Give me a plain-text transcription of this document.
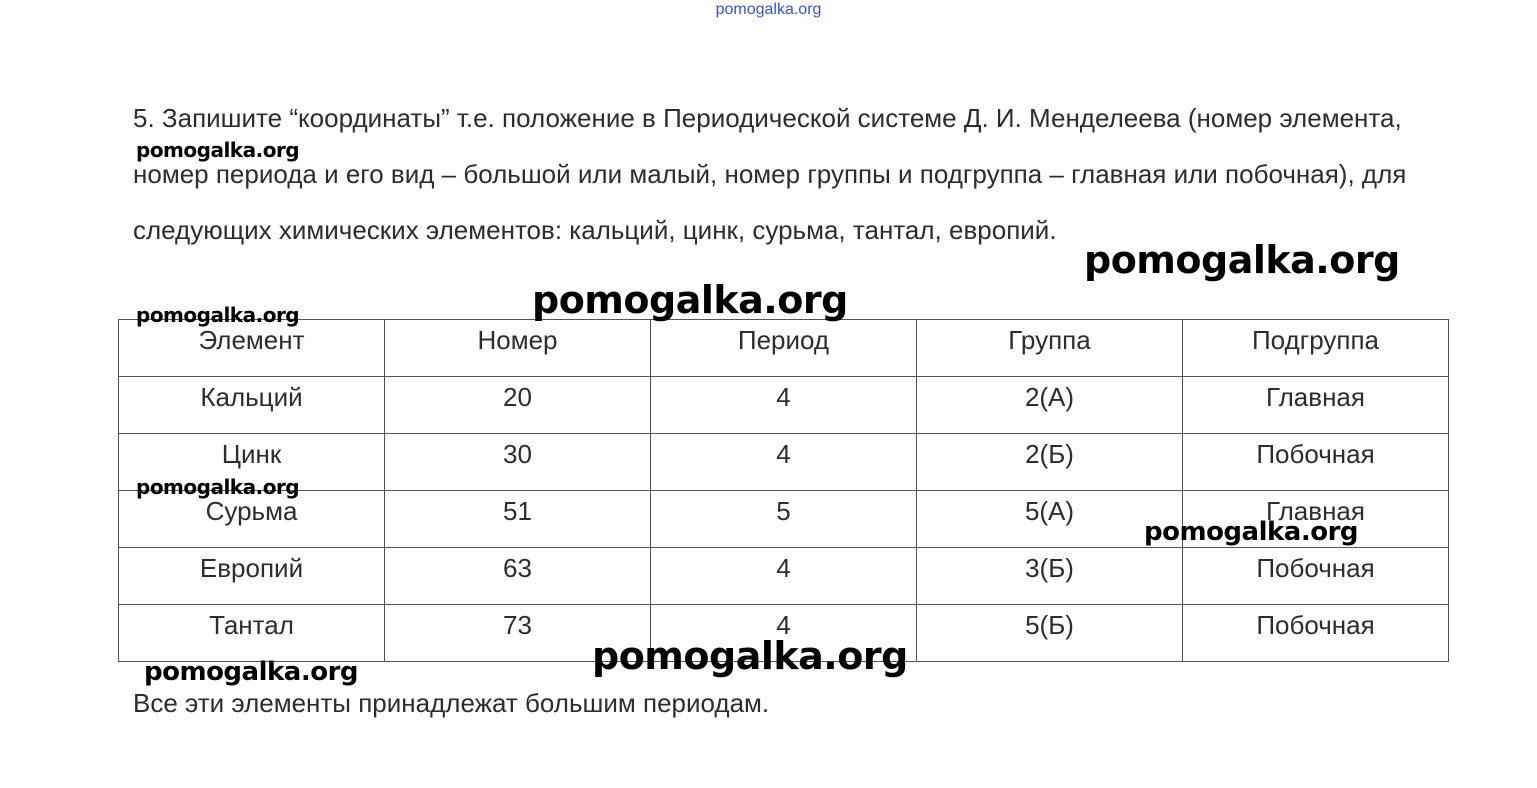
pomogalka.org
5. Запишите “координаты” т.е. положение в Периодической системе Д. И. Менделеева (номер элемента, номер периода и его вид – большой или малый, номер группы и подгруппа – главная или побочная), для следующих химических элементов: кальций, цинк, сурьма, тантал, европий.
Элемент	Номер	Период	Группа	Подгруппа
Кальций	20	4	2(А)	Главная
Цинк	30	4	2(Б)	Побочная
Сурьма	51	5	5(А)	Главная
Европий	63	4	3(Б)	Побочная
Тантал	73	4	5(Б)	Побочная
Все эти элементы принадлежат большим периодам.
pomogalka.org
pomogalka.org
pomogalka.org
pomogalka.org
pomogalka.org
pomogalka.org
pomogalka.org
pomogalka.org
